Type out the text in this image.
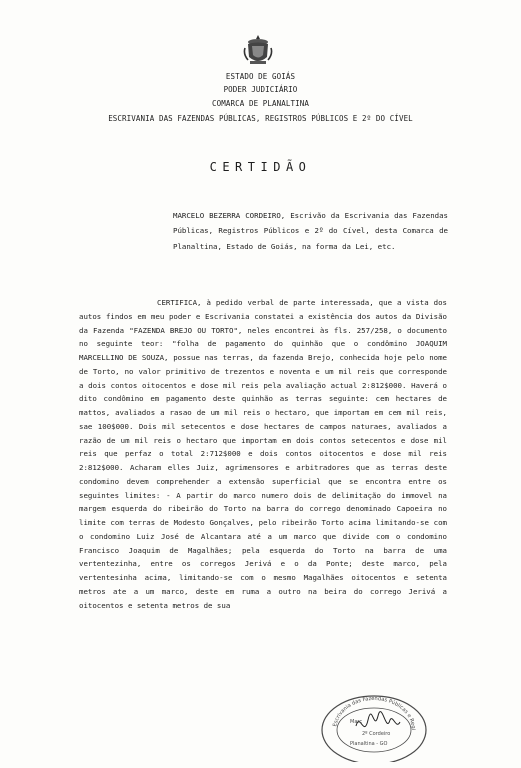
ESTADO DE GOIÁS
PODER JUDICIÁRIO
COMARCA DE PLANALTINA
ESCRIVANIA DAS FAZENDAS PÚBLICAS, REGISTROS PÚBLICOS E 2º DO CÍVEL
CERTIDÃO
MARCELO BEZERRA CORDEIRO, Escrivão da Escrivania das Fazendas Públicas, Registros Públicos e 2º do Cível, desta Comarca de Planaltina, Estado de Goiás, na forma da Lei, etc.

CERTIFICA, à pedido verbal de parte interessada, que a vista dos autos findos em meu poder e Escrivania constatei a existência dos autos da Divisão da Fazenda "FAZENDA BREJO OU TORTO", neles encontrei às fls. 257/258, o documento no seguinte teor: "folha de pagamento do quinhão que o condômino JOAQUIM MARCELLINO DE SOUZA, possue nas terras, da fazenda Brejo, conhecida hoje pelo nome de Torto, no valor primitivo de trezentos e noventa e um mil reis que corresponde a dois contos oitocentos e dose mil reis pela avaliação actual 2:812$000. Haverá o dito condômino em pagamento deste quinhão as terras seguinte: cem hectares de mattos, avaliados a rasao de um mil reis o hectaro, que importam em cem mil reis, sae 100$000. Dois mil setecentos e dose hectares de campos naturaes, avaliados a razão de um mil reis o hectaro que importam em dois contos setecentos e dose mil reis que perfaz o total 2:712$000 e dois contos oitocentos e dose mil reis 2:812$000. Acharam elles Juiz, agrimensores e arbitradores que as terras deste condomino devem comprehender a extensão superficial que se encontra entre os seguintes limites: - A partir do marco numero dois de delimitação do immovel na margem esquerda do ribeirão do Torto na barra do corrego denominado Capoeira no limite com terras de Modesto Gonçalves, pelo ribeirão Torto acima limitando-se com o condomino Luiz José de Alcantara até a um marco que divide com o condomino Francisco Joaquim de Magalhães; pela esquerda do Torto na barra de uma vertentezinha, entre os corregos Jerivá e o da Ponte; deste marco, pela vertentesinha acima, limitando-se com o mesmo Magalhães oitocentos e setenta metros ate a um marco, deste em ruma a outro na beira do corrego Jerivá a oitocentos e setenta metros de sua

Escrivania das Fazendas Públicas e Regi
Marc
2º Cordeiro
Planaltina - GO
